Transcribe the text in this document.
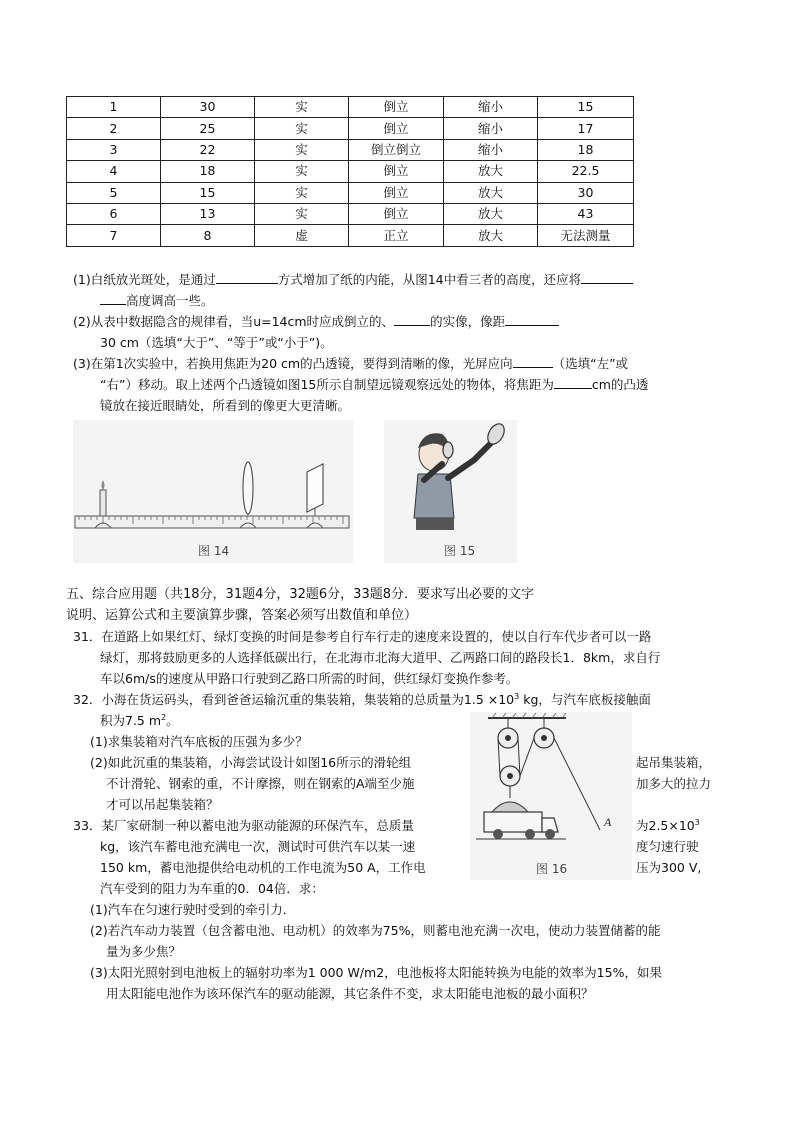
1	30	实	倒立	缩小	15
2	25	实	倒立	缩小	17
3	22	实	倒立倒立	缩小	18
4	18	实	倒立	放大	22.5
5	15	实	倒立	放大	30
6	13	实	倒立	放大	43
7	8	虚	正立	放大	无法测量
(1)白纸放光斑处，是通过	方式增加了纸的内能，从图14中看三者的高度，还应将
高度调高一些。
(2)从表中数据隐含的规律看，当u=14cm时应成倒立的、	的实像，像距
30 cm（选填“大于”、“等于”或“小于”)。
(3)在第1次实验中，若换用焦距为20 cm的凸透镜，要得到清晰的像，光屏应向	（选填“左”或
“右”）移动。取上述两个凸透镜如图15所示自制望远镜观察远处的物体，将焦距为	cm的凸透
镜放在接近眼睛处，所看到的像更大更清晰。
图 14	图 15
五、综合应用题（共18分，31题4分，32题6分，33题8分．要求写出必要的文字
说明、运算公式和主要演算步骤，答案必须写出数值和单位）
31．在道路上如果红灯、绿灯变换的时间是参考自行车行走的速度来设置的，使以自行车代步者可以一路
绿灯，那将鼓励更多的人选择低碳出行，在北海市北海大道甲、乙两路口间的路段长1．8km，求自行
车以6m/s的速度从甲路口行驶到乙路口所需的时间，供红绿灯变换作参考。
32．小海在货运码头，看到爸爸运输沉重的集装箱，集装箱的总质量为$1.5 \times 10^3$ kg，与汽车底板接触面
积为7.5 $m^2$。
(1)求集装箱对汽车底板的压强为多少？
(2)如此沉重的集装箱，小海尝试设计如图16所示的滑轮组	起吊集装箱，
不计滑轮、钢索的重，不计摩擦，则在钢索的A端至少施	加多大的拉力
才可以吊起集装箱？
33．某厂家研制一种以蓄电池为驱动能源的环保汽车，总质量	为$2.5\times 10^3$
kg，该汽车蓄电池充满电一次，测试时可供汽车以某一速	度匀速行驶
150 km，蓄电池提供给电动机的工作电流为50 A，工作电	压为300 V,
汽车受到的阻力为车重的0．04倍．求：
(1)汽车在匀速行驶时受到的牵引力．
(2)若汽车动力装置（包含蓄电池、电动机）的效率为75%，则蓄电池充满一次电，使动力装置储蓄的能
量为多少焦？
(3)太阳光照射到电池板上的辐射功率为1 000 W/m2，电池板将太阳能转换为电能的效率为15%，如果
用太阳能电池作为该环保汽车的驱动能源，其它条件不变，求太阳能电池板的最小面积？
A
图 16
